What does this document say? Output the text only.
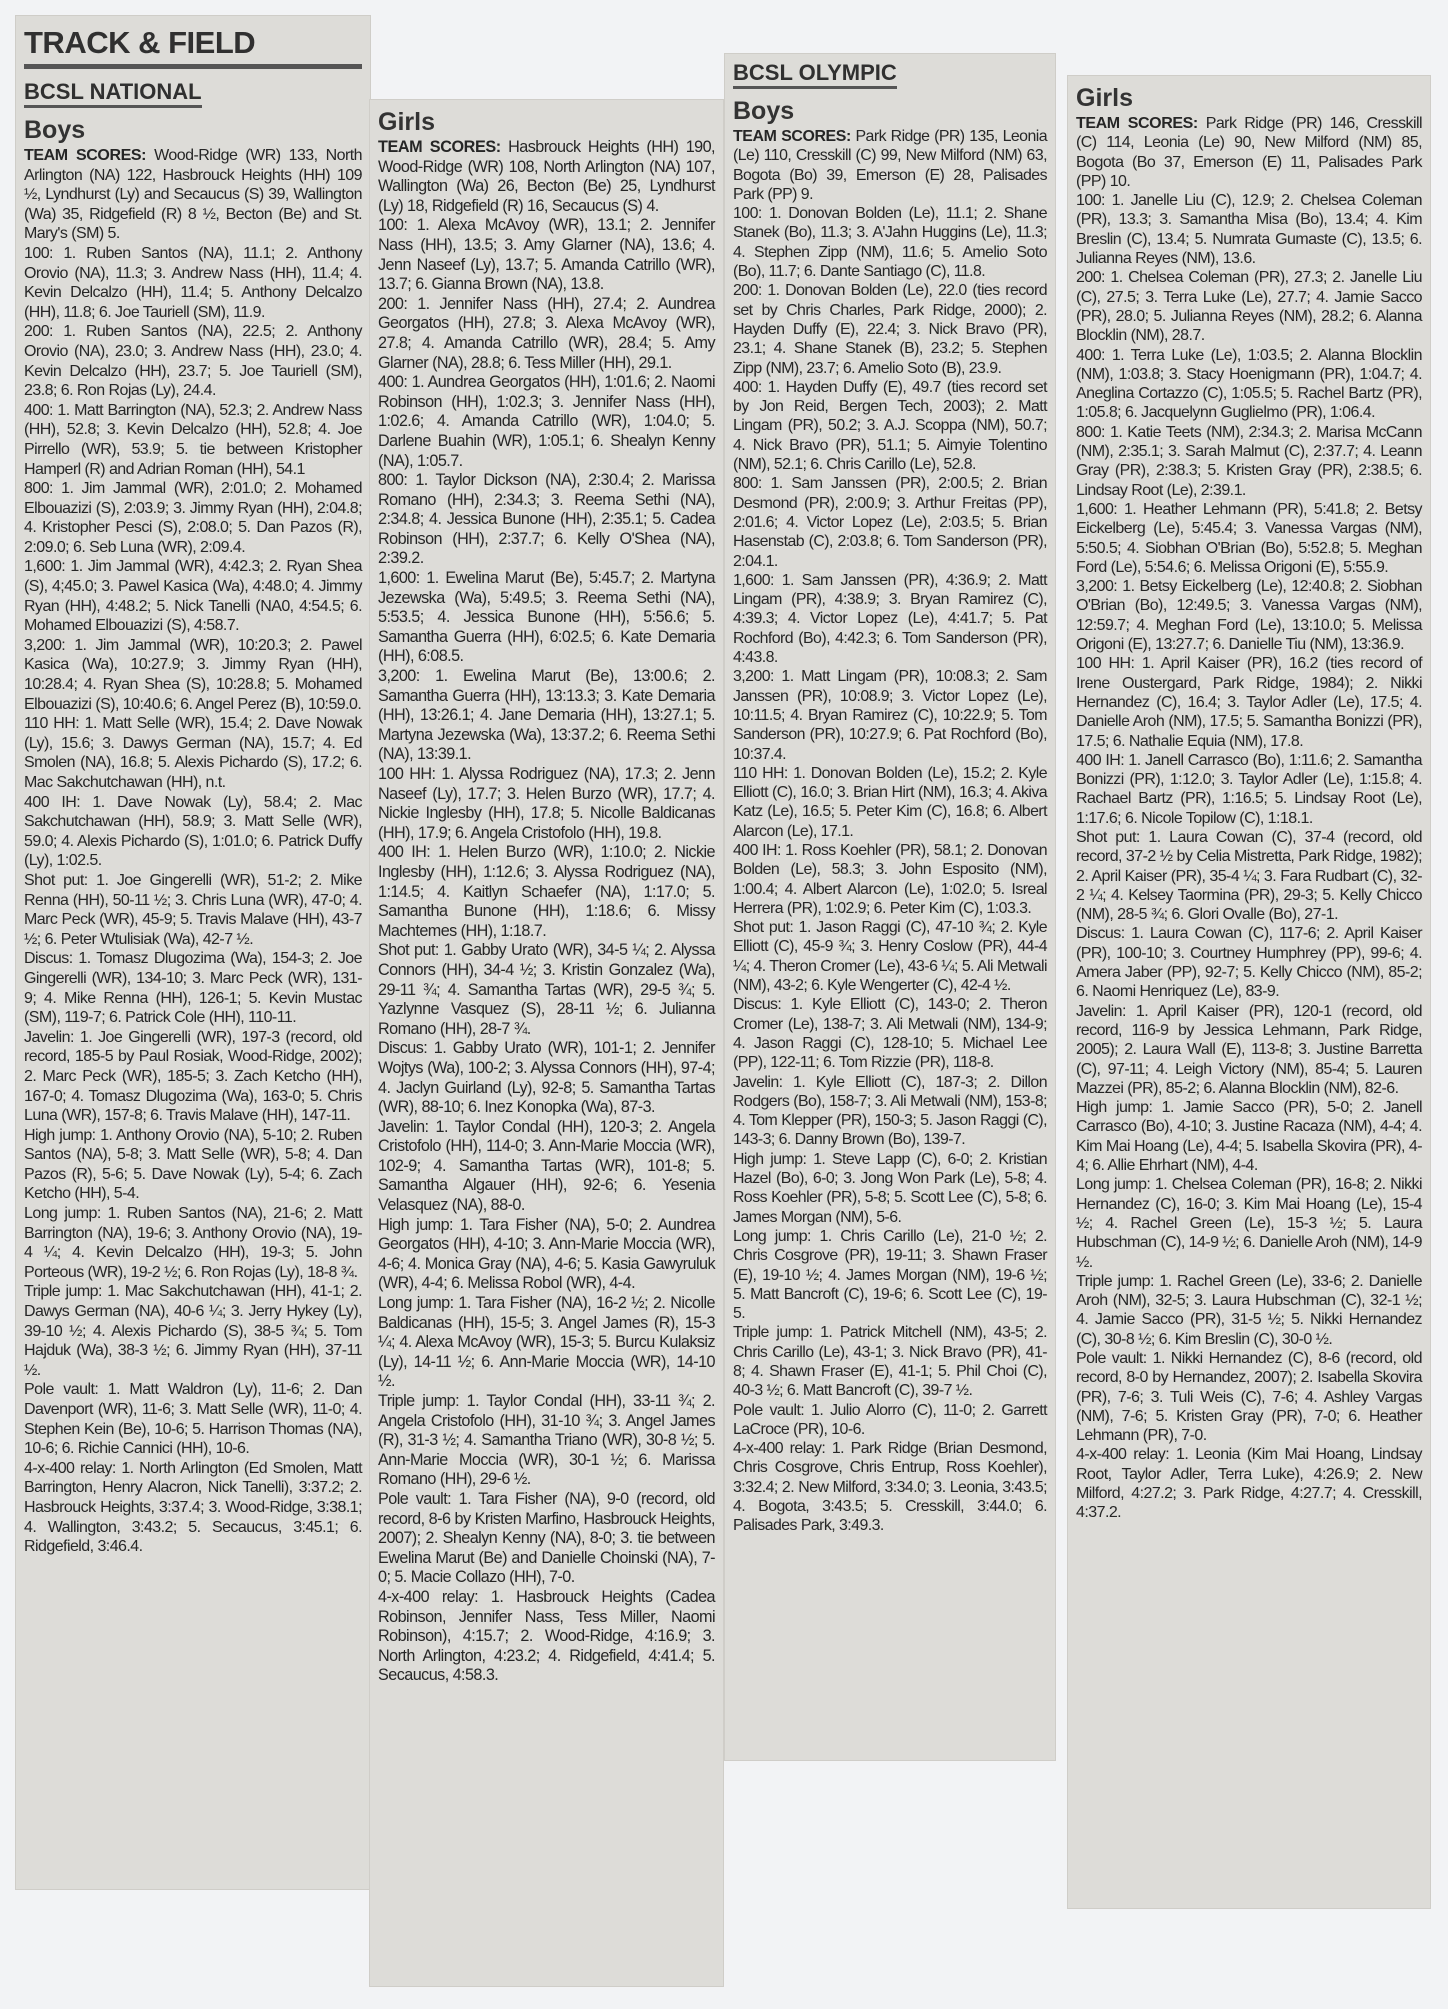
TRACK & FIELD
BCSL NATIONAL
Boys
TEAM SCORES: Wood-Ridge (WR) 133, North Arlington (NA) 122, Hasbrouck Heights (HH) 109 ½, Lyndhurst (Ly) and Secaucus (S) 39, Wallington (Wa) 35, Ridgefield (R) 8 ½, Becton (Be) and St. Mary's (SM) 5.
100: 1. Ruben Santos (NA), 11.1; 2. Anthony Orovio (NA), 11.3; 3. Andrew Nass (HH), 11.4; 4. Kevin Delcalzo (HH), 11.4; 5. Anthony Delcalzo (HH), 11.8; 6. Joe Tauriell (SM), 11.9.
200: 1. Ruben Santos (NA), 22.5; 2. Anthony Orovio (NA), 23.0; 3. Andrew Nass (HH), 23.0; 4. Kevin Delcalzo (HH), 23.7; 5. Joe Tauriell (SM), 23.8; 6. Ron Rojas (Ly), 24.4.
400: 1. Matt Barrington (NA), 52.3; 2. Andrew Nass (HH), 52.8; 3. Kevin Delcalzo (HH), 52.8; 4. Joe Pirrello (WR), 53.9; 5. tie between Kristopher Hamperl (R) and Adrian Roman (HH), 54.1
800: 1. Jim Jammal (WR), 2:01.0; 2. Mohamed Elbouazizi (S), 2:03.9; 3. Jimmy Ryan (HH), 2:04.8; 4. Kristopher Pesci (S), 2:08.0; 5. Dan Pazos (R), 2:09.0; 6. Seb Luna (WR), 2:09.4.
1,600: 1. Jim Jammal (WR), 4:42.3; 2. Ryan Shea (S), 4;45.0; 3. Pawel Kasica (Wa), 4:48.0; 4. Jimmy Ryan (HH), 4:48.2; 5. Nick Tanelli (NA0, 4:54.5; 6. Mohamed Elbouazizi (S), 4:58.7.
3,200: 1. Jim Jammal (WR), 10:20.3; 2. Pawel Kasica (Wa), 10:27.9; 3. Jimmy Ryan (HH), 10:28.4; 4. Ryan Shea (S), 10:28.8; 5. Mohamed Elbouazizi (S), 10:40.6; 6. Angel Perez (B), 10:59.0.
110 HH: 1. Matt Selle (WR), 15.4; 2. Dave Nowak (Ly), 15.6; 3. Dawys German (NA), 15.7; 4. Ed Smolen (NA), 16.8; 5. Alexis Pichardo (S), 17.2; 6. Mac Sakchutchawan (HH), n.t.
400 IH: 1. Dave Nowak (Ly), 58.4; 2. Mac Sakchutchawan (HH), 58.9; 3. Matt Selle (WR), 59.0; 4. Alexis Pichardo (S), 1:01.0; 6. Patrick Duffy (Ly), 1:02.5.
Shot put: 1. Joe Gingerelli (WR), 51-2; 2. Mike Renna (HH), 50-11 ½; 3. Chris Luna (WR), 47-0; 4. Marc Peck (WR), 45-9; 5. Travis Malave (HH), 43-7 ½; 6. Peter Wtulisiak (Wa), 42-7 ½.
Discus: 1. Tomasz Dlugozima (Wa), 154-3; 2. Joe Gingerelli (WR), 134-10; 3. Marc Peck (WR), 131-9; 4. Mike Renna (HH), 126-1; 5. Kevin Mustac (SM), 119-7; 6. Patrick Cole (HH), 110-11.
Javelin: 1. Joe Gingerelli (WR), 197-3 (record, old record, 185-5 by Paul Rosiak, Wood-Ridge, 2002); 2. Marc Peck (WR), 185-5; 3. Zach Ketcho (HH), 167-0; 4. Tomasz Dlugozima (Wa), 163-0; 5. Chris Luna (WR), 157-8; 6. Travis Malave (HH), 147-11.
High jump: 1. Anthony Orovio (NA), 5-10; 2. Ruben Santos (NA), 5-8; 3. Matt Selle (WR), 5-8; 4. Dan Pazos (R), 5-6; 5. Dave Nowak (Ly), 5-4; 6. Zach Ketcho (HH), 5-4.
Long jump: 1. Ruben Santos (NA), 21-6; 2. Matt Barrington (NA), 19-6; 3. Anthony Orovio (NA), 19-4 ¼; 4. Kevin Delcalzo (HH), 19-3; 5. John Porteous (WR), 19-2 ½; 6. Ron Rojas (Ly), 18-8 ¾.
Triple jump: 1. Mac Sakchutchawan (HH), 41-1; 2. Dawys German (NA), 40-6 ¼; 3. Jerry Hykey (Ly), 39-10 ½; 4. Alexis Pichardo (S), 38-5 ¾; 5. Tom Hajduk (Wa), 38-3 ½; 6. Jimmy Ryan (HH), 37-11 ½.
Pole vault: 1. Matt Waldron (Ly), 11-6; 2. Dan Davenport (WR), 11-6; 3. Matt Selle (WR), 11-0; 4. Stephen Kein (Be), 10-6; 5. Harrison Thomas (NA), 10-6; 6. Richie Cannici (HH), 10-6.
4-x-400 relay: 1. North Arlington (Ed Smolen, Matt Barrington, Henry Alacron, Nick Tanelli), 3:37.2; 2. Hasbrouck Heights, 3:37.4; 3. Wood-Ridge, 3:38.1; 4. Wallington, 3:43.2; 5. Secaucus, 3:45.1; 6. Ridgefield, 3:46.4.
Girls
TEAM SCORES: Hasbrouck Heights (HH) 190, Wood-Ridge (WR) 108, North Arlington (NA) 107, Wallington (Wa) 26, Becton (Be) 25, Lyndhurst (Ly) 18, Ridgefield (R) 16, Secaucus (S) 4.
100: 1. Alexa McAvoy (WR), 13.1; 2. Jennifer Nass (HH), 13.5; 3. Amy Glarner (NA), 13.6; 4. Jenn Naseef (Ly), 13.7; 5. Amanda Catrillo (WR), 13.7; 6. Gianna Brown (NA), 13.8.
200: 1. Jennifer Nass (HH), 27.4; 2. Aundrea Georgatos (HH), 27.8; 3. Alexa McAvoy (WR), 27.8; 4. Amanda Catrillo (WR), 28.4; 5. Amy Glarner (NA), 28.8; 6. Tess Miller (HH), 29.1.
400: 1. Aundrea Georgatos (HH), 1:01.6; 2. Naomi Robinson (HH), 1:02.3; 3. Jennifer Nass (HH), 1:02.6; 4. Amanda Catrillo (WR), 1:04.0; 5. Darlene Buahin (WR), 1:05.1; 6. Shealyn Kenny (NA), 1:05.7.
800: 1. Taylor Dickson (NA), 2:30.4; 2. Marissa Romano (HH), 2:34.3; 3. Reema Sethi (NA), 2:34.8; 4. Jessica Bunone (HH), 2:35.1; 5. Cadea Robinson (HH), 2:37.7; 6. Kelly O'Shea (NA), 2:39.2.
1,600: 1. Ewelina Marut (Be), 5:45.7; 2. Martyna Jezewska (Wa), 5:49.5; 3. Reema Sethi (NA), 5:53.5; 4. Jessica Bunone (HH), 5:56.6; 5. Samantha Guerra (HH), 6:02.5; 6. Kate Demaria (HH), 6:08.5.
3,200: 1. Ewelina Marut (Be), 13:00.6; 2. Samantha Guerra (HH), 13:13.3; 3. Kate Demaria (HH), 13:26.1; 4. Jane Demaria (HH), 13:27.1; 5. Martyna Jezewska (Wa), 13:37.2; 6. Reema Sethi (NA), 13:39.1.
100 HH: 1. Alyssa Rodriguez (NA), 17.3; 2. Jenn Naseef (Ly), 17.7; 3. Helen Burzo (WR), 17.7; 4. Nickie Inglesby (HH), 17.8; 5. Nicolle Baldicanas (HH), 17.9; 6. Angela Cristofolo (HH), 19.8.
400 IH: 1. Helen Burzo (WR), 1:10.0; 2. Nickie Inglesby (HH), 1:12.6; 3. Alyssa Rodriguez (NA), 1:14.5; 4. Kaitlyn Schaefer (NA), 1:17.0; 5. Samantha Bunone (HH), 1:18.6; 6. Missy Machtemes (HH), 1:18.7.
Shot put: 1. Gabby Urato (WR), 34-5 ¼; 2. Alyssa Connors (HH), 34-4 ½; 3. Kristin Gonzalez (Wa), 29-11 ¾; 4. Samantha Tartas (WR), 29-5 ¾; 5. Yazlynne Vasquez (S), 28-11 ½; 6. Julianna Romano (HH), 28-7 ¾.
Discus: 1. Gabby Urato (WR), 101-1; 2. Jennifer Wojtys (Wa), 100-2; 3. Alyssa Connors (HH), 97-4; 4. Jaclyn Guirland (Ly), 92-8; 5. Samantha Tartas (WR), 88-10; 6. Inez Konopka (Wa), 87-3.
Javelin: 1. Taylor Condal (HH), 120-3; 2. Angela Cristofolo (HH), 114-0; 3. Ann-Marie Moccia (WR), 102-9; 4. Samantha Tartas (WR), 101-8; 5. Samantha Algauer (HH), 92-6; 6. Yesenia Velasquez (NA), 88-0.
High jump: 1. Tara Fisher (NA), 5-0; 2. Aundrea Georgatos (HH), 4-10; 3. Ann-Marie Moccia (WR), 4-6; 4. Monica Gray (NA), 4-6; 5. Kasia Gawyruluk (WR), 4-4; 6. Melissa Robol (WR), 4-4.
Long jump: 1. Tara Fisher (NA), 16-2 ½; 2. Nicolle Baldicanas (HH), 15-5; 3. Angel James (R), 15-3 ¼; 4. Alexa McAvoy (WR), 15-3; 5. Burcu Kulaksiz (Ly), 14-11 ½; 6. Ann-Marie Moccia (WR), 14-10 ½.
Triple jump: 1. Taylor Condal (HH), 33-11 ¾; 2. Angela Cristofolo (HH), 31-10 ¾; 3. Angel James (R), 31-3 ½; 4. Samantha Triano (WR), 30-8 ½; 5. Ann-Marie Moccia (WR), 30-1 ½; 6. Marissa Romano (HH), 29-6 ½.
Pole vault: 1. Tara Fisher (NA), 9-0 (record, old record, 8-6 by Kristen Marfino, Hasbrouck Heights, 2007); 2. Shealyn Kenny (NA), 8-0; 3. tie between Ewelina Marut (Be) and Danielle Choinski (NA), 7-0; 5. Macie Collazo (HH), 7-0.
4-x-400 relay: 1. Hasbrouck Heights (Cadea Robinson, Jennifer Nass, Tess Miller, Naomi Robinson), 4:15.7; 2. Wood-Ridge, 4:16.9; 3. North Arlington, 4:23.2; 4. Ridgefield, 4:41.4; 5. Secaucus, 4:58.3.
BCSL OLYMPIC
Boys
TEAM SCORES: Park Ridge (PR) 135, Leonia (Le) 110, Cresskill (C) 99, New Milford (NM) 63, Bogota (Bo) 39, Emerson (E) 28, Palisades Park (PP) 9.
100: 1. Donovan Bolden (Le), 11.1; 2. Shane Stanek (Bo), 11.3; 3. A'Jahn Huggins (Le), 11.3; 4. Stephen Zipp (NM), 11.6; 5. Amelio Soto (Bo), 11.7; 6. Dante Santiago (C), 11.8.
200: 1. Donovan Bolden (Le), 22.0 (ties record set by Chris Charles, Park Ridge, 2000); 2. Hayden Duffy (E), 22.4; 3. Nick Bravo (PR), 23.1; 4. Shane Stanek (B), 23.2; 5. Stephen Zipp (NM), 23.7; 6. Amelio Soto (B), 23.9.
400: 1. Hayden Duffy (E), 49.7 (ties record set by Jon Reid, Bergen Tech, 2003); 2. Matt Lingam (PR), 50.2; 3. A.J. Scoppa (NM), 50.7; 4. Nick Bravo (PR), 51.1; 5. Aimyie Tolentino (NM), 52.1; 6. Chris Carillo (Le), 52.8.
800: 1. Sam Janssen (PR), 2:00.5; 2. Brian Desmond (PR), 2:00.9; 3. Arthur Freitas (PP), 2:01.6; 4. Victor Lopez (Le), 2:03.5; 5. Brian Hasenstab (C), 2:03.8; 6. Tom Sanderson (PR), 2:04.1.
1,600: 1. Sam Janssen (PR), 4:36.9; 2. Matt Lingam (PR), 4:38.9; 3. Bryan Ramirez (C), 4:39.3; 4. Victor Lopez (Le), 4:41.7; 5. Pat Rochford (Bo), 4:42.3; 6. Tom Sanderson (PR), 4:43.8.
3,200: 1. Matt Lingam (PR), 10:08.3; 2. Sam Janssen (PR), 10:08.9; 3. Victor Lopez (Le), 10:11.5; 4. Bryan Ramirez (C), 10:22.9; 5. Tom Sanderson (PR), 10:27.9; 6. Pat Rochford (Bo), 10:37.4.
110 HH: 1. Donovan Bolden (Le), 15.2; 2. Kyle Elliott (C), 16.0; 3. Brian Hirt (NM), 16.3; 4. Akiva Katz (Le), 16.5; 5. Peter Kim (C), 16.8; 6. Albert Alarcon (Le), 17.1.
400 IH: 1. Ross Koehler (PR), 58.1; 2. Donovan Bolden (Le), 58.3; 3. John Esposito (NM), 1:00.4; 4. Albert Alarcon (Le), 1:02.0; 5. Isreal Herrera (PR), 1:02.9; 6. Peter Kim (C), 1:03.3.
Shot put: 1. Jason Raggi (C), 47-10 ¾; 2. Kyle Elliott (C), 45-9 ¾; 3. Henry Coslow (PR), 44-4 ¼; 4. Theron Cromer (Le), 43-6 ¼; 5. Ali Metwali (NM), 43-2; 6. Kyle Wengerter (C), 42-4 ½.
Discus: 1. Kyle Elliott (C), 143-0; 2. Theron Cromer (Le), 138-7; 3. Ali Metwali (NM), 134-9; 4. Jason Raggi (C), 128-10; 5. Michael Lee (PP), 122-11; 6. Tom Rizzie (PR), 118-8.
Javelin: 1. Kyle Elliott (C), 187-3; 2. Dillon Rodgers (Bo), 158-7; 3. Ali Metwali (NM), 153-8; 4. Tom Klepper (PR), 150-3; 5. Jason Raggi (C), 143-3; 6. Danny Brown (Bo), 139-7.
High jump: 1. Steve Lapp (C), 6-0; 2. Kristian Hazel (Bo), 6-0; 3. Jong Won Park (Le), 5-8; 4. Ross Koehler (PR), 5-8; 5. Scott Lee (C), 5-8; 6. James Morgan (NM), 5-6.
Long jump: 1. Chris Carillo (Le), 21-0 ½; 2. Chris Cosgrove (PR), 19-11; 3. Shawn Fraser (E), 19-10 ½; 4. James Morgan (NM), 19-6 ½; 5. Matt Bancroft (C), 19-6; 6. Scott Lee (C), 19-5.
Triple jump: 1. Patrick Mitchell (NM), 43-5; 2. Chris Carillo (Le), 43-1; 3. Nick Bravo (PR), 41-8; 4. Shawn Fraser (E), 41-1; 5. Phil Choi (C), 40-3 ½; 6. Matt Bancroft (C), 39-7 ½.
Pole vault: 1. Julio Alorro (C), 11-0; 2. Garrett LaCroce (PR), 10-6.
4-x-400 relay: 1. Park Ridge (Brian Desmond, Chris Cosgrove, Chris Entrup, Ross Koehler), 3:32.4; 2. New Milford, 3:34.0; 3. Leonia, 3:43.5; 4. Bogota, 3:43.5; 5. Cresskill, 3:44.0; 6. Palisades Park, 3:49.3.
Girls
TEAM SCORES: Park Ridge (PR) 146, Cresskill (C) 114, Leonia (Le) 90, New Milford (NM) 85, Bogota (Bo 37, Emerson (E) 11, Palisades Park (PP) 10.
100: 1. Janelle Liu (C), 12.9; 2. Chelsea Coleman (PR), 13.3; 3. Samantha Misa (Bo), 13.4; 4. Kim Breslin (C), 13.4; 5. Numrata Gumaste (C), 13.5; 6. Julianna Reyes (NM), 13.6.
200: 1. Chelsea Coleman (PR), 27.3; 2. Janelle Liu (C), 27.5; 3. Terra Luke (Le), 27.7; 4. Jamie Sacco (PR), 28.0; 5. Julianna Reyes (NM), 28.2; 6. Alanna Blocklin (NM), 28.7.
400: 1. Terra Luke (Le), 1:03.5; 2. Alanna Blocklin (NM), 1:03.8; 3. Stacy Hoenigmann (PR), 1:04.7; 4. Aneglina Cortazzo (C), 1:05.5; 5. Rachel Bartz (PR), 1:05.8; 6. Jacquelynn Guglielmo (PR), 1:06.4.
800: 1. Katie Teets (NM), 2:34.3; 2. Marisa McCann (NM), 2:35.1; 3. Sarah Malmut (C), 2:37.7; 4. Leann Gray (PR), 2:38.3; 5. Kristen Gray (PR), 2:38.5; 6. Lindsay Root (Le), 2:39.1.
1,600: 1. Heather Lehmann (PR), 5:41.8; 2. Betsy Eickelberg (Le), 5:45.4; 3. Vanessa Vargas (NM), 5:50.5; 4. Siobhan O'Brian (Bo), 5:52.8; 5. Meghan Ford (Le), 5:54.6; 6. Melissa Origoni (E), 5:55.9.
3,200: 1. Betsy Eickelberg (Le), 12:40.8; 2. Siobhan O'Brian (Bo), 12:49.5; 3. Vanessa Vargas (NM), 12:59.7; 4. Meghan Ford (Le), 13:10.0; 5. Melissa Origoni (E), 13:27.7; 6. Danielle Tiu (NM), 13:36.9.
100 HH: 1. April Kaiser (PR), 16.2 (ties record of Irene Oustergard, Park Ridge, 1984); 2. Nikki Hernandez (C), 16.4; 3. Taylor Adler (Le), 17.5; 4. Danielle Aroh (NM), 17.5; 5. Samantha Bonizzi (PR), 17.5; 6. Nathalie Equia (NM), 17.8.
400 IH: 1. Janell Carrasco (Bo), 1:11.6; 2. Samantha Bonizzi (PR), 1:12.0; 3. Taylor Adler (Le), 1:15.8; 4. Rachael Bartz (PR), 1:16.5; 5. Lindsay Root (Le), 1:17.6; 6. Nicole Topilow (C), 1:18.1.
Shot put: 1. Laura Cowan (C), 37-4 (record, old record, 37-2 ½ by Celia Mistretta, Park Ridge, 1982); 2. April Kaiser (PR), 35-4 ¼; 3. Fara Rudbart (C), 32-2 ¼; 4. Kelsey Taormina (PR), 29-3; 5. Kelly Chicco (NM), 28-5 ¾; 6. Glori Ovalle (Bo), 27-1.
Discus: 1. Laura Cowan (C), 117-6; 2. April Kaiser (PR), 100-10; 3. Courtney Humphrey (PP), 99-6; 4. Amera Jaber (PP), 92-7; 5. Kelly Chicco (NM), 85-2; 6. Naomi Henriquez (Le), 83-9.
Javelin: 1. April Kaiser (PR), 120-1 (record, old record, 116-9 by Jessica Lehmann, Park Ridge, 2005); 2. Laura Wall (E), 113-8; 3. Justine Barretta (C), 97-11; 4. Leigh Victory (NM), 85-4; 5. Lauren Mazzei (PR), 85-2; 6. Alanna Blocklin (NM), 82-6.
High jump: 1. Jamie Sacco (PR), 5-0; 2. Janell Carrasco (Bo), 4-10; 3. Justine Racaza (NM), 4-4; 4. Kim Mai Hoang (Le), 4-4; 5. Isabella Skovira (PR), 4-4; 6. Allie Ehrhart (NM), 4-4.
Long jump: 1. Chelsea Coleman (PR), 16-8; 2. Nikki Hernandez (C), 16-0; 3. Kim Mai Hoang (Le), 15-4 ½; 4. Rachel Green (Le), 15-3 ½; 5. Laura Hubschman (C), 14-9 ½; 6. Danielle Aroh (NM), 14-9 ½.
Triple jump: 1. Rachel Green (Le), 33-6; 2. Danielle Aroh (NM), 32-5; 3. Laura Hubschman (C), 32-1 ½; 4. Jamie Sacco (PR), 31-5 ½; 5. Nikki Hernandez (C), 30-8 ½; 6. Kim Breslin (C), 30-0 ½.
Pole vault: 1. Nikki Hernandez (C), 8-6 (record, old record, 8-0 by Hernandez, 2007); 2. Isabella Skovira (PR), 7-6; 3. Tuli Weis (C), 7-6; 4. Ashley Vargas (NM), 7-6; 5. Kristen Gray (PR), 7-0; 6. Heather Lehmann (PR), 7-0.
4-x-400 relay: 1. Leonia (Kim Mai Hoang, Lindsay Root, Taylor Adler, Terra Luke), 4:26.9; 2. New Milford, 4:27.2; 3. Park Ridge, 4:27.7; 4. Cresskill, 4:37.2.
